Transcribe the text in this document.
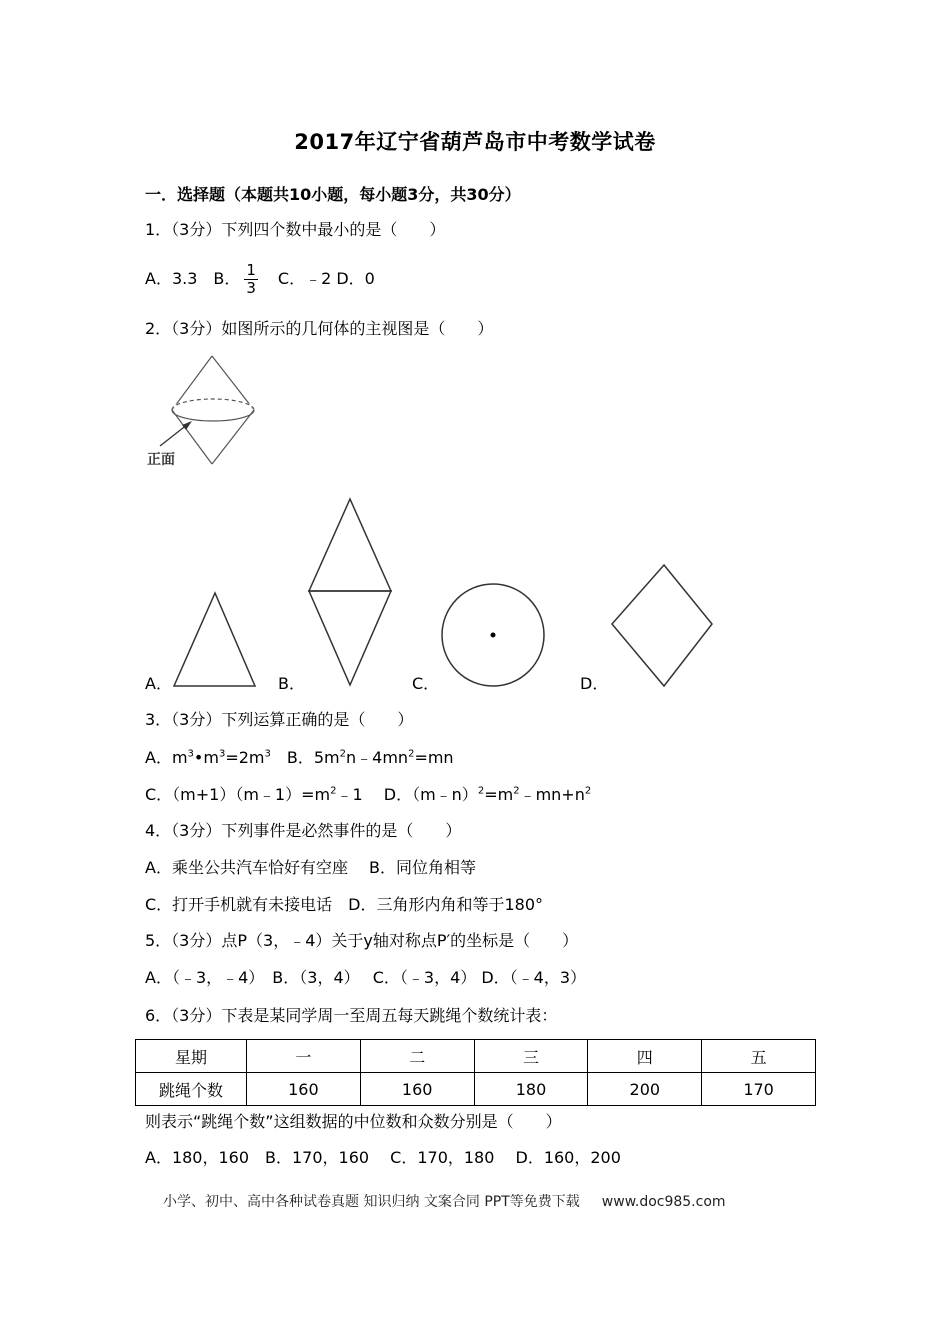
2017年辽宁省葫芦岛市中考数学试卷
一．选择题（本题共10小题，每小题3分，共30分）
1．（3分）下列四个数中最小的是（　　）
A．3.3　B． $\frac{1}{3}$ 　C．﹣2 D．0
2．（3分）如图所示的几何体的主视图是（　　）
正面
A．	B．	C．	D．
3．（3分）下列运算正确的是（　　）
A．$m^3•m^3=2m^3$　B．$5m^2n﹣4mn^2=mn$
C．$(m+1)(m﹣1)=m^2﹣1$　 D．$(m﹣n)^2=m^2﹣mn+n^2$
4．（3分）下列事件是必然事件的是（　　）
A．乘坐公共汽车恰好有空座　 B．同位角相等
C．打开手机就有未接电话　D．三角形内角和等于180°
5．（3分）点P（3，﹣4）关于y轴对称点P′的坐标是（　　）
A．（﹣3，﹣4）　B．（3，4）　 C．（﹣3，4） D．（﹣4，3）
6．（3分）下表是某同学周一至周五每天跳绳个数统计表：
星期	一	二	三	四	五
跳绳个数	160	160	180	200	170
则表示“跳绳个数”这组数据的中位数和众数分别是（　　）
A．180，160　B．170，160　 C．170，180　 D．160，200
小学、初中、高中各种试卷真题 知识归纳 文案合同 PPT等免费下载 www.doc985.com
